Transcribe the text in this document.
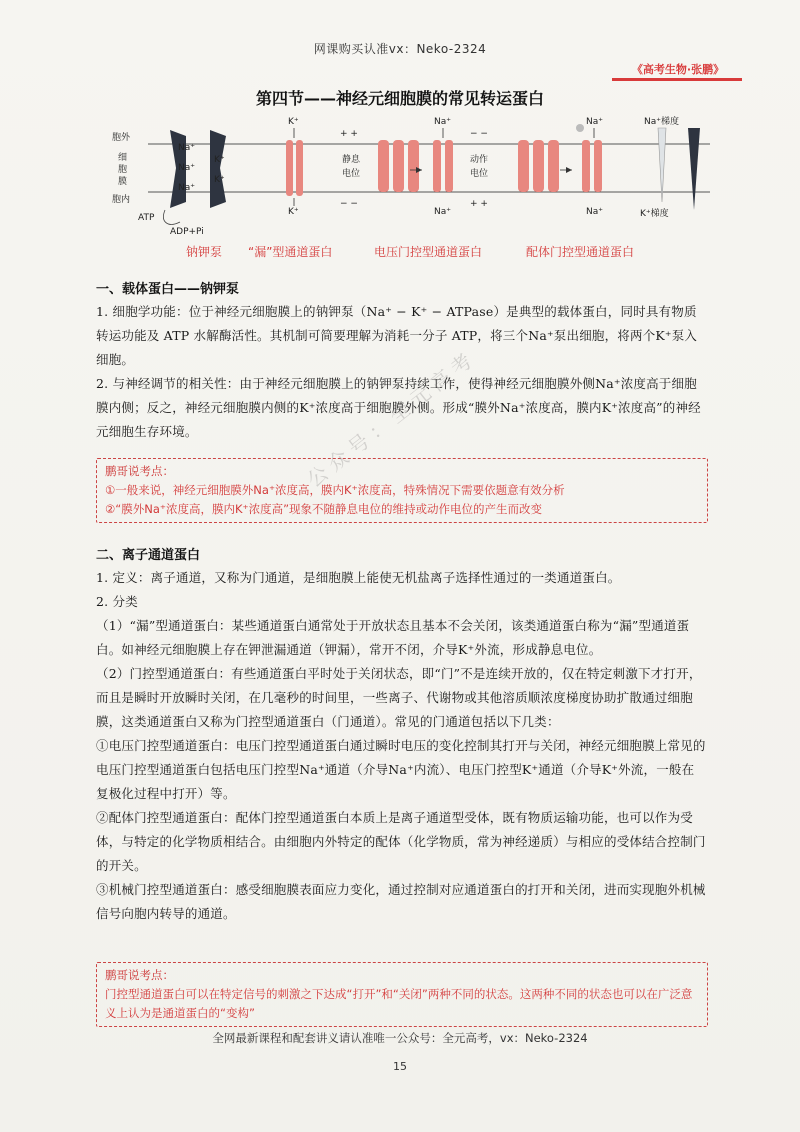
网课购买认准vx：Neko-2324
《高考生物·张鹏》
第四节——神经元细胞膜的常见转运蛋白
胞外
细
胞
膜
胞内
Na⁺
Na⁺
Na⁺
K⁺
K⁺
ATP
ADP+Pi
K⁺
K⁺
+ +
− −
静息
电位
Na⁺
Na⁺
− −
动作
电位
+ +
Na⁺
Na⁺
Na⁺梯度
K⁺梯度
钠钾泵 “漏”型通道蛋白	电压门控型通道蛋白	配体门控型通道蛋白
一、载体蛋白——钠钾泵

1. 细胞学功能：位于神经元细胞膜上的钠钾泵（Na⁺ − K⁺ − ATPase）是典型的载体蛋白，同时具有物质转运功能及 ATP 水解酶活性。其机制可简要理解为消耗一分子 ATP，将三个Na⁺泵出细胞，将两个K⁺泵入细胞。

2. 与神经调节的相关性：由于神经元细胞膜上的钠钾泵持续工作，使得神经元细胞膜外侧Na⁺浓度高于细胞膜内侧；反之，神经元细胞膜内侧的K⁺浓度高于细胞膜外侧。形成“膜外Na⁺浓度高，膜内K⁺浓度高”的神经元细胞生存环境。

鹏哥说考点：
①一般来说，神经元细胞膜外Na⁺浓度高，膜内K⁺浓度高，特殊情况下需要依题意有效分析
②“膜外Na⁺浓度高，膜内K⁺浓度高”现象不随静息电位的维持或动作电位的产生而改变
二、离子通道蛋白

1. 定义：离子通道，又称为门通道，是细胞膜上能使无机盐离子选择性通过的一类通道蛋白。

2. 分类

（1）“漏”型通道蛋白：某些通道蛋白通常处于开放状态且基本不会关闭，该类通道蛋白称为“漏”型通道蛋白。如神经元细胞膜上存在钾泄漏通道（钾漏），常开不闭，介导K⁺外流，形成静息电位。

（2）门控型通道蛋白：有些通道蛋白平时处于关闭状态，即“门”不是连续开放的，仅在特定刺激下才打开，而且是瞬时开放瞬时关闭，在几毫秒的时间里，一些离子、代谢物或其他溶质顺浓度梯度协助扩散通过细胞膜，这类通道蛋白又称为门控型通道蛋白（门通道）。常见的门通道包括以下几类：

①电压门控型通道蛋白：电压门控型通道蛋白通过瞬时电压的变化控制其打开与关闭，神经元细胞膜上常见的电压门控型通道蛋白包括电压门控型Na⁺通道（介导Na⁺内流）、电压门控型K⁺通道（介导K⁺外流，一般在复极化过程中打开）等。

②配体门控型通道蛋白：配体门控型通道蛋白本质上是离子通道型受体，既有物质运输功能，也可以作为受体，与特定的化学物质相结合。由细胞内外特定的配体（化学物质，常为神经递质）与相应的受体结合控制门的开关。

③机械门控型通道蛋白：感受细胞膜表面应力变化，通过控制对应通道蛋白的打开和关闭，进而实现胞外机械信号向胞内转导的通道。

鹏哥说考点：
门控型通道蛋白可以在特定信号的刺激之下达成“打开”和“关闭”两种不同的状态。这两种不同的状态也可以在广泛意义上认为是通道蛋白的“变构”
公众号：全元高考
全网最新课程和配套讲义请认准唯一公众号：全元高考，vx：Neko-2324
15
